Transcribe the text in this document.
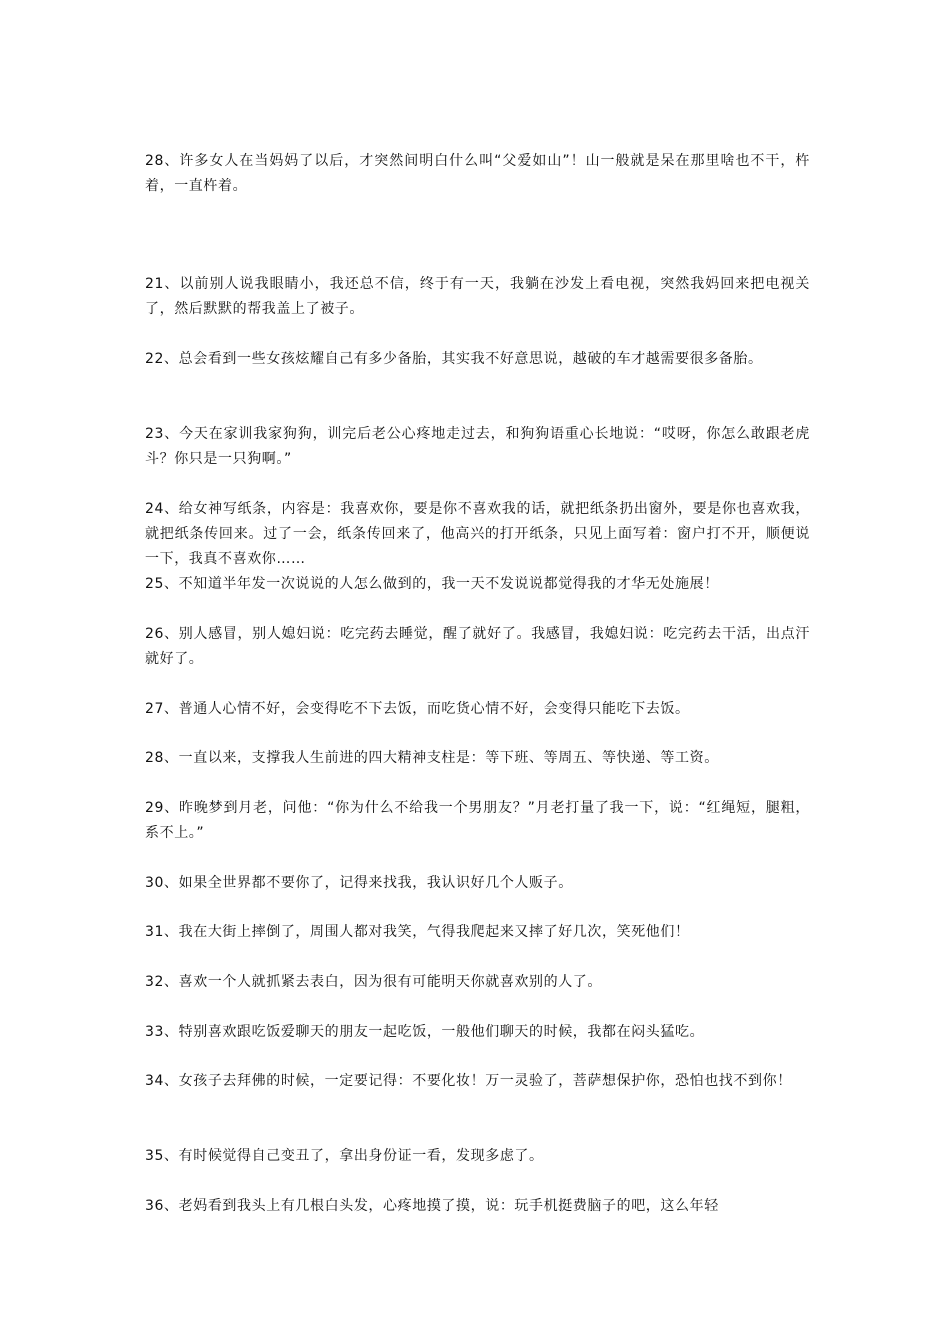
28、许多女人在当妈妈了以后，才突然间明白什么叫“父爱如山”！山一般就是呆在那里啥也不干，杵着，一直杵着。

21、以前别人说我眼睛小，我还总不信，终于有一天，我躺在沙发上看电视，突然我妈回来把电视关了，然后默默的帮我盖上了被子。

22、总会看到一些女孩炫耀自己有多少备胎，其实我不好意思说，越破的车才越需要很多备胎。

23、今天在家训我家狗狗，训完后老公心疼地走过去，和狗狗语重心长地说：“哎呀，你怎么敢跟老虎斗？你只是一只狗啊。”

24、给女神写纸条，内容是：我喜欢你，要是你不喜欢我的话，就把纸条扔出窗外，要是你也喜欢我，就把纸条传回来。过了一会，纸条传回来了，他高兴的打开纸条，只见上面写着：窗户打不开，顺便说一下，我真不喜欢你……

25、不知道半年发一次说说的人怎么做到的，我一天不发说说都觉得我的才华无处施展！

26、别人感冒，别人媳妇说：吃完药去睡觉，醒了就好了。我感冒，我媳妇说：吃完药去干活，出点汗就好了。

27、普通人心情不好，会变得吃不下去饭，而吃货心情不好，会变得只能吃下去饭。

28、一直以来，支撑我人生前进的四大精神支柱是：等下班、等周五、等快递、等工资。

29、昨晚梦到月老，问他：“你为什么不给我一个男朋友？”月老打量了我一下，说：“红绳短，腿粗，系不上。”

30、如果全世界都不要你了，记得来找我，我认识好几个人贩子。

31、我在大街上摔倒了，周围人都对我笑，气得我爬起来又摔了好几次，笑死他们！

32、喜欢一个人就抓紧去表白，因为很有可能明天你就喜欢别的人了。

33、特别喜欢跟吃饭爱聊天的朋友一起吃饭，一般他们聊天的时候，我都在闷头猛吃。

34、女孩子去拜佛的时候，一定要记得：不要化妆！万一灵验了，菩萨想保护你，恐怕也找不到你！

35、有时候觉得自己变丑了，拿出身份证一看，发现多虑了。

36、老妈看到我头上有几根白头发，心疼地摸了摸，说：玩手机挺费脑子的吧，这么年轻
